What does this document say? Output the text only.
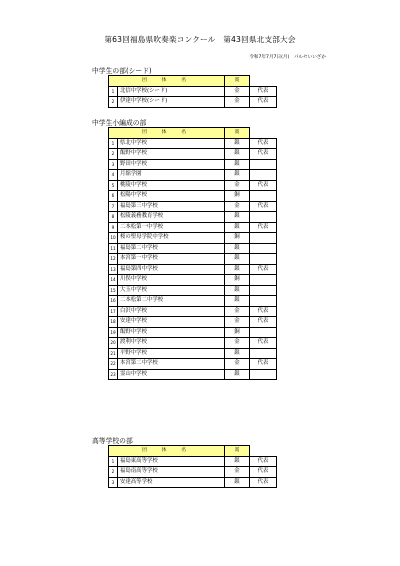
第63回福島県吹奏楽コンクール　第43回県北支部大会
令和7年7月7日(月)　パルセいいざか
中学生の部(シード)
団　体　名		賞	
1	北信中学校(シード)	金	代表
2	伊達中学校(シード)	金	代表
中学生小編成の部
団　体　名		賞	
1	県北中学校	銀	代表
2	飯野中学校	銀	代表
3	野田中学校	銀	
4	月舘学園	銀	
5	桃陵中学校	金	代表
6	松陽中学校	銅	
7	福島第三中学校	金	代表
8	松陵義務教育学校	銀	
9	二本松第一中学校	銀	代表
10	桜の聖母学院中学校	銅	
11	福島第二中学校	銀	
12	本宮第一中学校	銀	
13	福島第四中学校	銀	代表
14	川俣中学校	銅	
15	大玉中学校	銀	
16	二本松第二中学校	銀	
17	白沢中学校	金	代表
18	安達中学校	金	代表
19	飯野中学校	銅	
20	渡利中学校	金	代表
21	平野中学校	銀	
22	本宮第二中学校	金	代表
23	霊山中学校	銀	
高等学校の部
団　体　名		賞	
1	福島東高等学校	銀	代表
2	福島南高等学校	金	代表
3	安達高等学校	銀	代表
